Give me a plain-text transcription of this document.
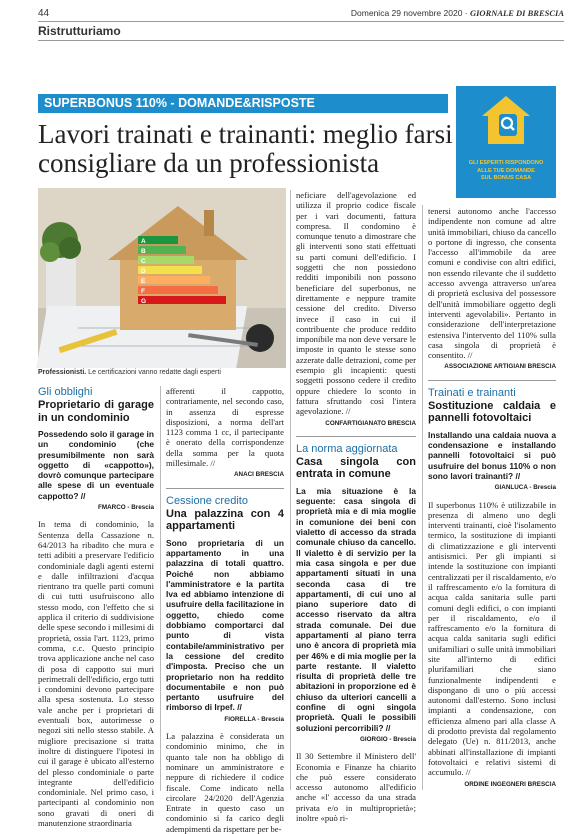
44	Domenica 29 novembre 2020 · GIORNALE DI BRESCIA
Ristrutturiamo
SUPERBONUS 110% - DOMANDE&RISPOSTE
Lavori trainati e trainanti: meglio farsi consigliare da un professionista	GLI ESPERTI RISPONDONO
ALLE TUE DOMANDE
SUL BONUS CASA
A
B
C
D
E
F
G
Professionisti. Le certificazioni vanno redatte dagli esperti
Gli obblighi
Proprietario di garage in un condominio

Possedendo solo il garage in un condominio (che presumibilmente non sarà oggetto di «cappotto»), dovrò comunque partecipare alle spese di un eventuale cappotto? //

FMARCO - Brescia

In tema di condominio, la Sentenza della Cassazione n. 64/2013 ha ribadito che mura e tetti adibiti a preservare l'edificio condominiale dagli agenti esterni e dalle infiltrazioni d'acqua rientrano tra quelle parti comuni di cui tutti usufruiscono allo stesso modo, con l'effetto che si applica il criterio di suddivisione delle spese secondo i millesimi di proprietà, ossia l'art. 1123, primo comma, c.c. Questo principio trova applicazione anche nel caso di posa di cappotto sui muri perimetrali dell'edificio, ergo tutti i condomini devono partecipare alla spesa sostenuta. Lo stesso vale anche per i proprietari di eventuali box, autorimesse o negozi siti nello stesso stabile. A migliore precisazione si tratta inoltre di distinguere l'ipotesi in cui il garage è ubicato all'esterno del plesso condominiale o parte integrante dell'edificio condominiale. Nel primo caso, i partecipanti al condominio non sono gravati di oneri di manutenzione straordinaria

afferenti il cappotto, contrariamente, nel secondo caso, in assenza di espresse disposizioni, a norma dell'art 1123 comma 1 cc, il partecipante è onerato della corrispondenze della somma per la quota millesimale. //

ANACI BRESCIA
Cessione credito
Una palazzina con 4 appartamenti

Sono proprietaria di un appartamento in una palazzina di totali quattro. Poiché non abbiamo l'amministratore e la partita Iva ed abbiamo intenzione di usufruire della facilitazione in oggetto, chiedo come dobbiamo comportarci dal punto di vista contabile/amministrativo per la cessione del credito d'imposta. Preciso che un proprietario non ha reddito documentabile e non può pertanto usufruire del rimborso di Irpef. //

FIORELLA - Brescia

La palazzina è considerata un condominio minimo, che in quanto tale non ha obbligo di nominare un amministratore e neppure di richiedere il codice fiscale. Come indicato nella circolare 24/2020 dell'Agenzia Entrate in questo caso un condominio si fa carico degli adempimenti da rispettare per be-

neficiare dell'agevolazione ed utilizza il proprio codice fiscale per i vari documenti, fattura compresa. Il condomino è comunque tenuto a dimostrare che gli interventi sono stati effettuati su parti comuni dell'edificio. I soggetti che non possiedono redditi imponibili non possono beneficiare del superbonus, ne direttamente e neppure tramite cessione del credito. Diverso invece il caso in cui il contribuente che produce reddito imponibile ma non deve versare le imposte in quanto le stesse sono azzerate dalle detrazioni, come per esempio gli incapienti: questi soggetti possono cedere il credito oppure chiedere lo sconto in fattura sfruttando così l'intera agevolazione. //

CONFARTIGIANATO BRESCIA
La norma aggiornata
Casa singola con entrata in comune

La mia situazione è la seguente: casa singola di proprietà mia e di mia moglie in comunione dei beni con vialetto di accesso da strada comunale chiuso da cancello. Il vialetto è di servizio per la mia casa singola e per due appartamenti situati in una seconda casa di tre appartamenti, di cui uno al piano superiore dato di accesso riservato da altra strada comunale. Dei due appartamenti al piano terra uno è ancora di proprietà mia per 46% e di mia moglie per la parte restante. Il vialetto risulta di proprietà delle tre abitazioni in proporzione ed è chiuso da ulteriori cancelli a confine di ogni singola proprietà. Quali le possibili soluzioni percorribili? //

GIORGIO - Brescia

Il 30 Settembre il Ministero dell' Economia e Finanze ha chiarito che può essere considerato accesso autonomo all'edificio anche «l' accesso da una strada privata e/o in multiproprietà»; inoltre «può ri-

tenersi autonomo anche l'accesso indipendente non comune ad altre unità immobiliari, chiuso da cancello o portone di ingresso, che consenta l'accesso all'immobile da aree comuni e condivise con altri edifici, non essendo rilevante che il suddetto accesso avvenga attraverso un'area di proprietà esclusiva del possessore dell'unità immobiliare oggetto degli interventi agevolabili». Pertanto in considerazione dell'interpretazione estensiva l'intervento del 110% sulla casa singola di proprietà è consentito. //

ASSOCIAZIONE ARTIGIANI BRESCIA
Trainati e trainanti
Sostituzione caldaia e pannelli fotovoltaici

Installando una caldaia nuova a condensazione e installando pannelli fotovoltaici si può usufruire del bonus 110% o non sono lavori trainanti? //

GIANLUCA - Brescia

Il superbonus 110% è utilizzabile in presenza di almeno uno degli interventi trainanti, cioè l'isolamento termico, la sostituzione di impianti di climatizzazione e gli interventi antisismici. Per gli impianti si intende la sostituzione con impianti centralizzati per il riscaldamento, e/o il raffrescamento e/o la fornitura di acqua calda sanitaria sulle parti comuni degli edifici, o con impianti per il riscaldamento, e/o il raffrescamento e/o la fornitura di acqua calda sanitaria sugli edifici unifamiliari o sulle unità immobiliari site all'interno di edifici plurifamiliari che siano funzionalmente indipendenti e dispongano di uno o più accessi autonomi dall'esterno. Sono inclusi impianti a condensazione, con efficienza almeno pari alla classe A di prodotto prevista dal regolamento delegato (Ue) n. 811/2013, anche abbinati all'installazione di impianti fotovoltaici e relativi sistemi di accumulo. //

ORDINE INGEGNERI BRESCIA
